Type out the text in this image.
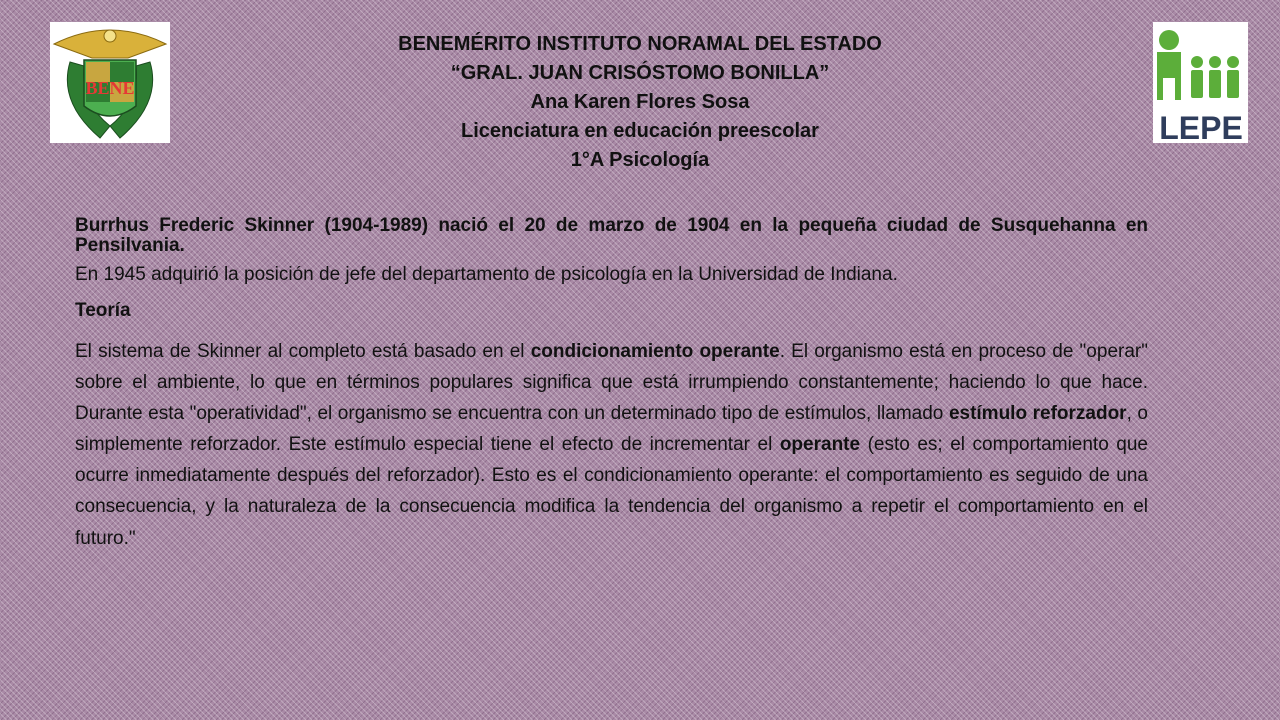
BENE
BENEMÉRITO INSTITUTO NORAMAL DEL ESTADO
“GRAL. JUAN CRISÓSTOMO BONILLA”
Ana Karen Flores Sosa
Licenciatura en educación preescolar
1°A Psicología
LEPE

Burrhus Frederic Skinner (1904-1989) nació el 20 de marzo de 1904 en la pequeña ciudad de Susquehanna en Pensilvania.

En 1945 adquirió la posición de jefe del departamento de psicología en la Universidad de Indiana.

Teoría

El sistema de Skinner al completo está basado en el condicionamiento operante. El organismo está en proceso de "operar" sobre el ambiente, lo que en términos populares significa que está irrumpiendo constantemente; haciendo lo que hace. Durante esta "operatividad", el organismo se encuentra con un determinado tipo de estímulos, llamado estímulo reforzador, o simplemente reforzador. Este estímulo especial tiene el efecto de incrementar el operante (esto es; el comportamiento que ocurre inmediatamente después del reforzador). Esto es el condicionamiento operante: el comportamiento es seguido de una consecuencia, y la naturaleza de la consecuencia modifica la tendencia del organismo a repetir el comportamiento en el futuro."
